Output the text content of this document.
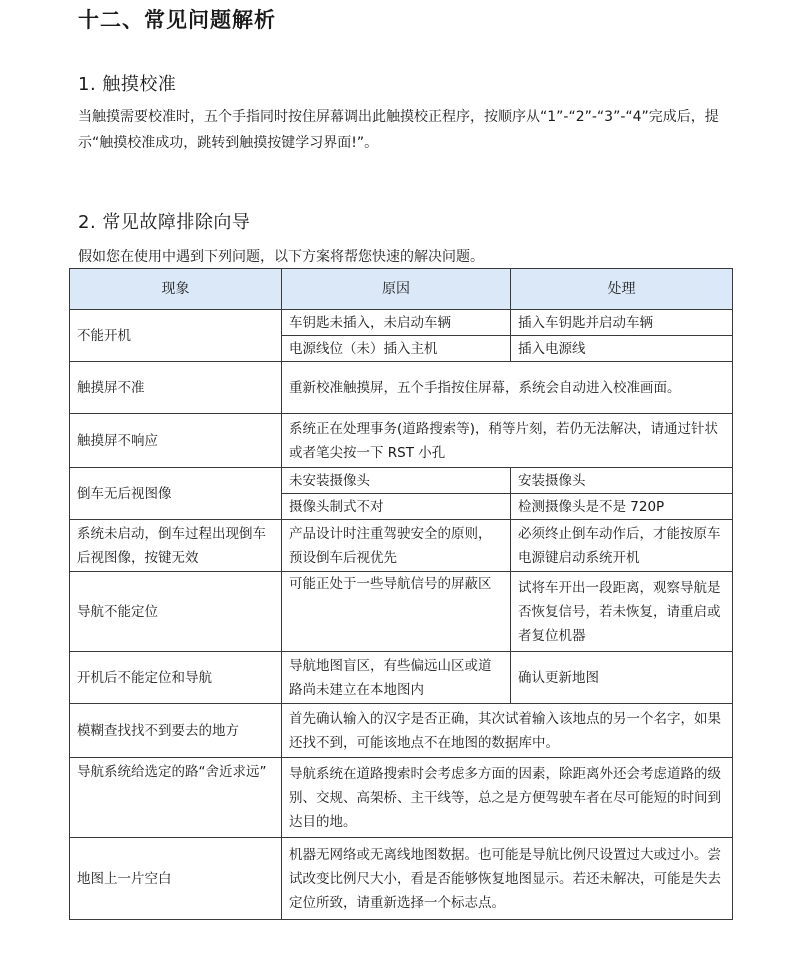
十二、常见问题解析
1. 触摸校准

当触摸需要校准时，五个手指同时按住屏幕调出此触摸校正程序，按顺序从“1”-“2”-“3”-“4”完成后，提示“触摸校准成功，跳转到触摸按键学习界面!”。

2. 常见故障排除向导

假如您在使用中遇到下列问题，以下方案将帮您快速的解决问题。

现象	原因	处理
不能开机	车钥匙未插入，未启动车辆	插入车钥匙并启动车辆
	电源线位（未）插入主机	插入电源线
触摸屏不准	重新校准触摸屏，五个手指按住屏幕，系统会自动进入校准画面。	
触摸屏不响应	系统正在处理事务(道路搜索等)，稍等片刻，若仍无法解决，请通过针状或者笔尖按一下 RST 小孔	
倒车无后视图像	未安装摄像头	安装摄像头
	摄像头制式不对	检测摄像头是不是 720P
系统未启动，倒车过程出现倒车后视图像，按键无效	产品设计时注重驾驶安全的原则，预设倒车后视优先	必须终止倒车动作后，才能按原车电源键启动系统开机
导航不能定位	可能正处于一些导航信号的屏蔽区	试将车开出一段距离，观察导航是否恢复信号，若未恢复，请重启或者复位机器
开机后不能定位和导航	导航地图盲区，有些偏远山区或道路尚未建立在本地图内	确认更新地图
模糊查找找不到要去的地方	首先确认输入的汉字是否正确，其次试着输入该地点的另一个名字，如果还找不到，可能该地点不在地图的数据库中。	
导航系统给选定的路“舍近求远”	导航系统在道路搜索时会考虑多方面的因素，除距离外还会考虑道路的级别、交规、高架桥、主干线等，总之是方便驾驶车者在尽可能短的时间到达目的地。	
地图上一片空白	机器无网络或无离线地图数据。也可能是导航比例尺设置过大或过小。尝试改变比例尺大小，看是否能够恢复地图显示。若还未解决，可能是失去定位所致，请重新选择一个标志点。	
